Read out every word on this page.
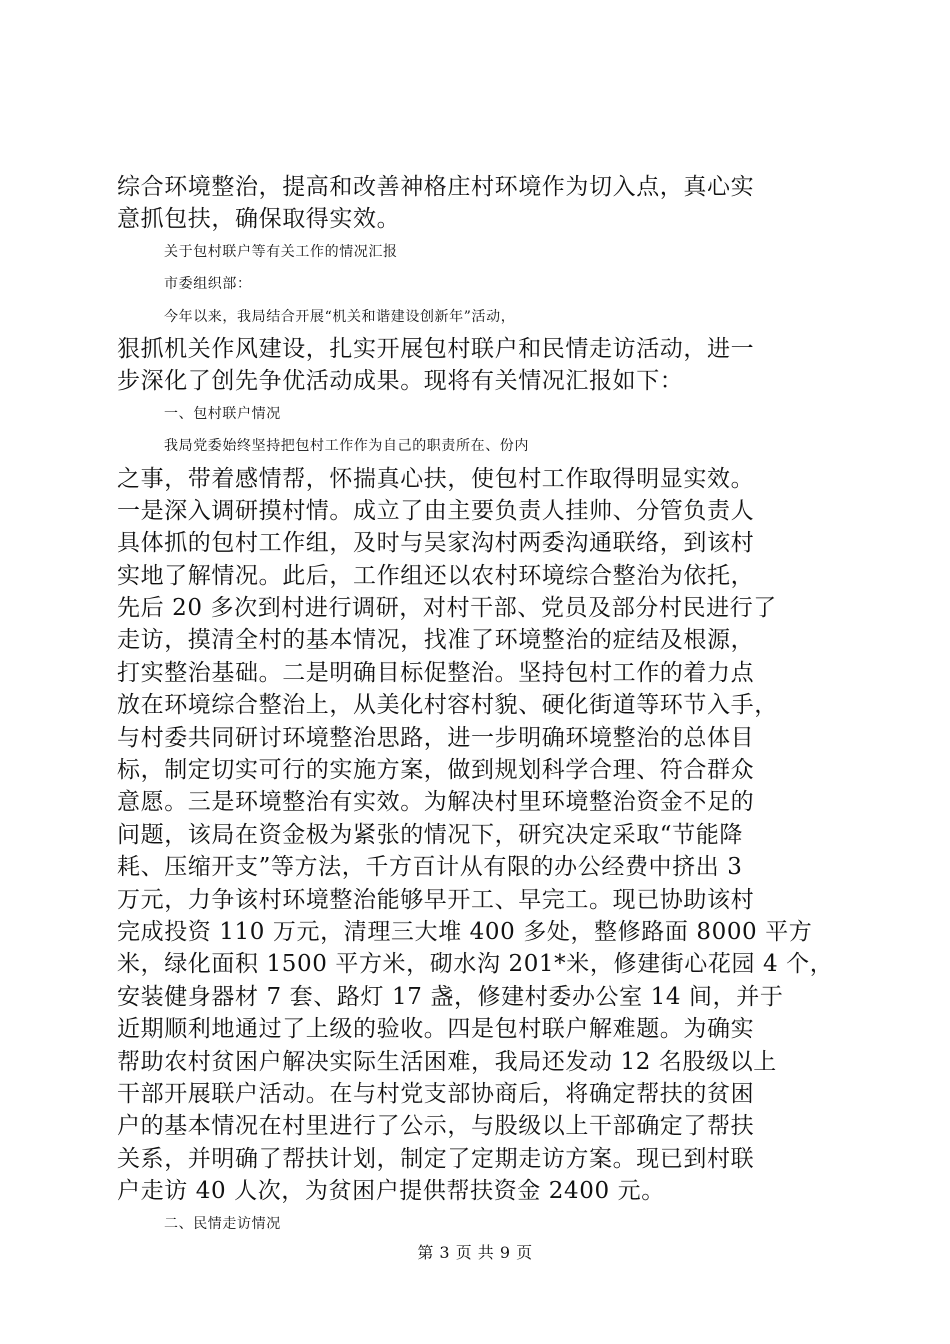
综合环境整治，提高和改善神格庄村环境作为切入点，真心实
意抓包扶，确保取得实效。
关于包村联户等有关工作的情况汇报
市委组织部：
今年以来，我局结合开展“机关和谐建设创新年”活动，
狠抓机关作风建设，扎实开展包村联户和民情走访活动，进一
步深化了创先争优活动成果。现将有关情况汇报如下：
一、包村联户情况
我局党委始终坚持把包村工作作为自己的职责所在、份内
之事，带着感情帮，怀揣真心扶，使包村工作取得明显实效。
一是深入调研摸村情。成立了由主要负责人挂帅、分管负责人
具体抓的包村工作组，及时与吴家沟村两委沟通联络，到该村
实地了解情况。此后，工作组还以农村环境综合整治为依托，
先后 20 多次到村进行调研，对村干部、党员及部分村民进行了
走访，摸清全村的基本情况，找准了环境整治的症结及根源，
打实整治基础。二是明确目标促整治。坚持包村工作的着力点
放在环境综合整治上，从美化村容村貌、硬化街道等环节入手，
与村委共同研讨环境整治思路，进一步明确环境整治的总体目
标，制定切实可行的实施方案，做到规划科学合理、符合群众
意愿。三是环境整治有实效。为解决村里环境整治资金不足的
问题，该局在资金极为紧张的情况下，研究决定采取“节能降
耗、压缩开支”等方法，千方百计从有限的办公经费中挤出 3
万元，力争该村环境整治能够早开工、早完工。现已协助该村
完成投资 110 万元，清理三大堆 400 多处，整修路面 8000 平方
米，绿化面积 1500 平方米，砌水沟 201*米，修建街心花园 4 个，
安装健身器材 7 套、路灯 17 盏，修建村委办公室 14 间，并于
近期顺利地通过了上级的验收。四是包村联户解难题。为确实
帮助农村贫困户解决实际生活困难，我局还发动 12 名股级以上
干部开展联户活动。在与村党支部协商后，将确定帮扶的贫困
户的基本情况在村里进行了公示，与股级以上干部确定了帮扶
关系，并明确了帮扶计划，制定了定期走访方案。现已到村联
户走访 40 人次，为贫困户提供帮扶资金 2400 元。
二、民情走访情况
第 3 页 共 9 页
